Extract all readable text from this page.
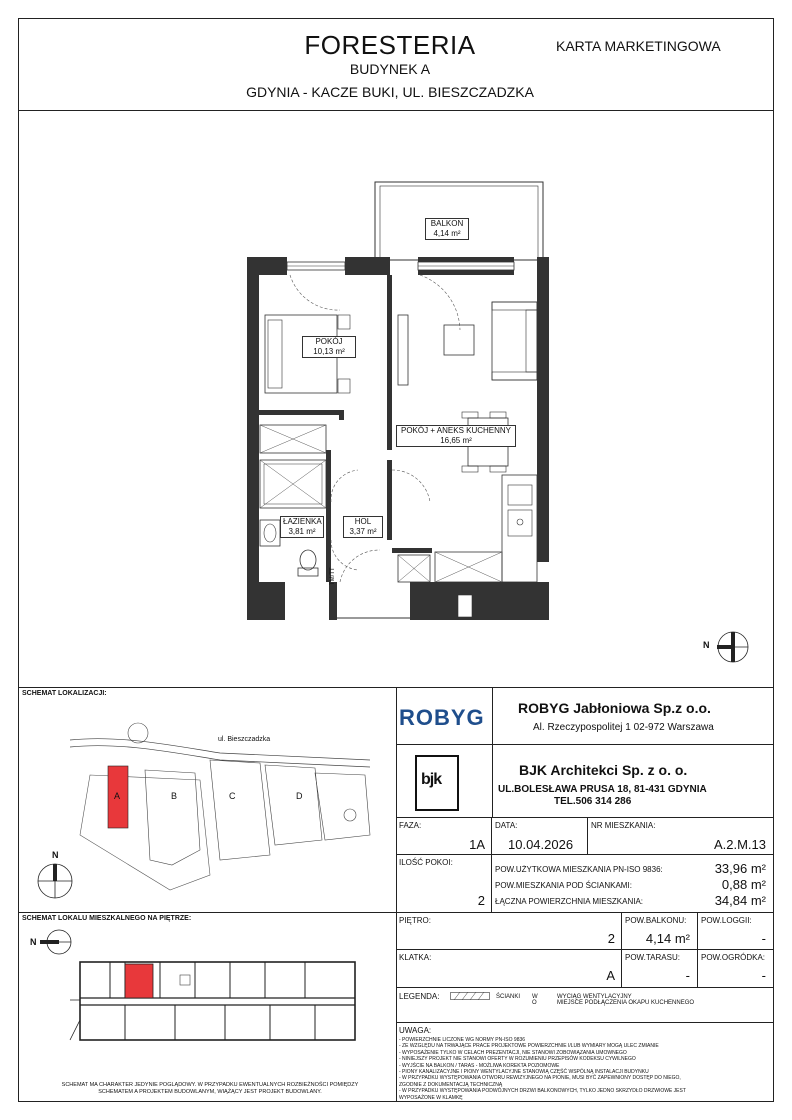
FORESTERIA
BUDYNEK A
GDYNIA - KACZE BUKI, UL. BIESZCZADZKA
KARTA MARKETINGOWA
BALKON
4,14 m²
POKÓJ
10,13 m²
POKÓJ + ANEKS KUCHENNY
16,65 m²
ŁAZIENKA
3,81 m²
HOL
3,37 m²
TM/TT
N
SCHEMAT LOKALIZACJI:
ul. Bieszczadzka
A	B	C	D
N
SCHEMAT LOKALU MIESZKALNEGO NA PIĘTRZE:
N
SCHEMAT MA CHARAKTER JEDYNIE POGLĄDOWY. W PRZYPADKU EWENTUALNYCH ROZBIEŻNOŚCI POMIĘDZY SCHEMATEM A PROJEKTEM BUDOWLANYM, WIĄŻĄCY JEST PROJEKT BUDOWLANY.
ROBYG ROBYG Jabłoniowa Sp.z o.o.
Al. Rzeczypospolitej 1 02-972 Warszawa
bjk
BJK Architekci Sp. z o. o.
UL.BOLESŁAWA PRUSA 18, 81-431 GDYNIA
TEL.506 314 286
FAZA:
1A
DATA:
10.04.2026
NR MIESZKANIA:
A.2.M.13
ILOŚĆ POKOI:
2
POW.UŻYTKOWA MIESZKANIA PN-ISO 9836:	33,96 m²
POW.MIESZKANIA POD ŚCIANKAMI:	0,88 m²
ŁĄCZNA POWIERZCHNIA MIESZKANIA:	34,84 m²
PIĘTRO:
2
POW.BALKONU:
4,14 m²
POW.LOGGII:
-
KLATKA:
A
POW.TARASU:
-
POW.OGRÓDKA:
-
LEGENDA:	ŚCIANKI W
O
WYCIĄG WENTYLACYJNY
MIEJSCE PODŁĄCZENIA OKAPU KUCHENNEGO
UWAGA:
- POWIERZCHNIE LICZONE WG NORMY PN-ISO 9836
- ZE WZGLĘDU NA TRWAJĄCE PRACE PROJEKTOWE POWIERZCHNIE I/LUB WYMIARY MOGĄ ULEC ZMIANIE
- WYPOSAŻENIE TYLKO W CELACH PREZENTACJI, NIE STANOWI ZOBOWIĄZANIA UMOWNEGO
- NINIEJSZY PROJEKT NIE STANOWI OFERTY W ROZUMIENIU PRZEPISÓW KODEKSU CYWILNEGO
- WYJŚCIE NA BALKON / TARAS - MOŻLIWA KOREKTA POZIOMOWE
- PIONY KANALIZACYJNE I PIONY WENTYLACYJNE STANOWIĄ CZĘŚĆ WSPÓLNĄ INSTALACJI BUDYNKU
- W PRZYPADKU WYSTĘPOWANIA OTWORU REWIZYJNEGO NA PIONIE, MUSI BYĆ ZAPEWNIONY DOSTĘP DO NIEGO, ZGODNIE Z DOKUMENTACJĄ TECHNICZNĄ
- W PRZYPADKU WYSTĘPOWANIA PODWÓJNYCH DRZWI BALKONOWYCH, TYLKO JEDNO SKRZYDŁO DRZWIOWE JEST WYPOSAŻONE W KLAMKĘ
